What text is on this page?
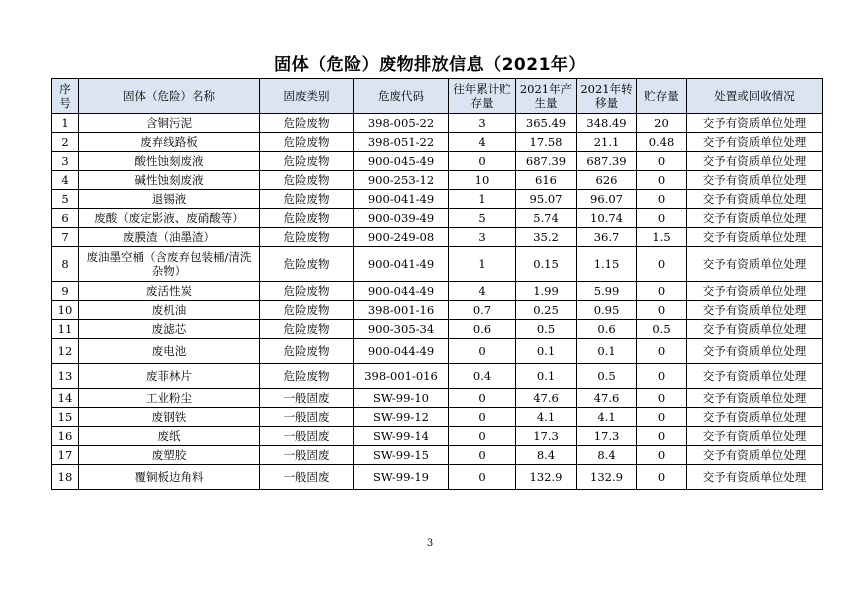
固体（危险）废物排放信息（2021年）
序号	固体（危险）名称	固废类别	危废代码	往年累计贮存量	2021年产生量	2021年转移量	贮存量	处置或回收情况
1	含铜污泥	危险废物	398-005-22	3	365.49	348.49	20	交予有资质单位处理
2	废弃线路板	危险废物	398-051-22	4	17.58	21.1	0.48	交予有资质单位处理
3	酸性蚀刻废液	危险废物	900-045-49	0	687.39	687.39	0	交予有资质单位处理
4	碱性蚀刻废液	危险废物	900-253-12	10	616	626	0	交予有资质单位处理
5	退锡液	危险废物	900-041-49	1	95.07	96.07	0	交予有资质单位处理
6	废酸（废定影液、废硝酸等）	危险废物	900-039-49	5	5.74	10.74	0	交予有资质单位处理
7	废膜渣（油墨渣）	危险废物	900-249-08	3	35.2	36.7	1.5	交予有资质单位处理
8	废油墨空桶（含废弃包装桶/清洗杂物）	危险废物	900-041-49	1	0.15	1.15	0	交予有资质单位处理
9	废活性炭	危险废物	900-044-49	4	1.99	5.99	0	交予有资质单位处理
10	废机油	危险废物	398-001-16	0.7	0.25	0.95	0	交予有资质单位处理
11	废滤芯	危险废物	900-305-34	0.6	0.5	0.6	0.5	交予有资质单位处理
12	废电池	危险废物	900-044-49	0	0.1	0.1	0	交予有资质单位处理
13	废菲林片	危险废物	398-001-016	0.4	0.1	0.5	0	交予有资质单位处理
14	工业粉尘	一般固废	SW-99-10	0	47.6	47.6	0	交予有资质单位处理
15	废钢铁	一般固废	SW-99-12	0	4.1	4.1	0	交予有资质单位处理
16	废纸	一般固废	SW-99-14	0	17.3	17.3	0	交予有资质单位处理
17	废塑胶	一般固废	SW-99-15	0	8.4	8.4	0	交予有资质单位处理
18	覆铜板边角料	一般固废	SW-99-19	0	132.9	132.9	0	交予有资质单位处理
3
